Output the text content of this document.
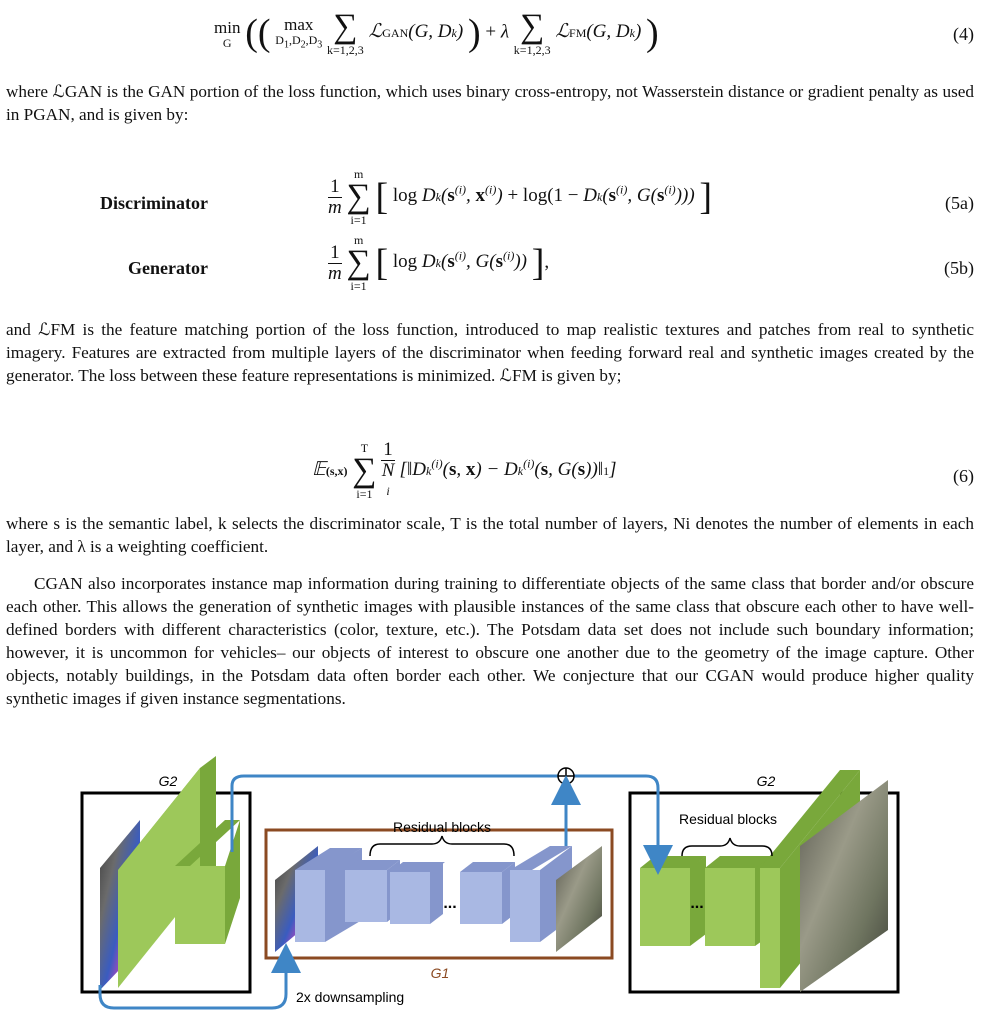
min
G (( max
$D_1,D_2,D_3$

∑
k=1,2,3
ℒGAN(G, Dk) ) + λ ∑
k=1,2,3
ℒFM(G, Dk) )	(4)

where ℒGAN is the GAN portion of the loss function, which uses binary cross-entropy, not Wasserstein distance or gradient penalty as used in PGAN, and is given by:

Discriminator	$\frac{1}{m}$

m
∑
i=1
[ $\log Dk(s^{(i)}$, $x^{(i)}) + \log(1 - Dk(s^{(i)}$, $G(s^{(i)})$)) ]	(5a)
Generator	$\frac{1}{m}$

m
∑
i=1
[ $\log Dk(s^{(i)}$, $G(s^{(i)})$) ],	(5b)

and ℒFM is the feature matching portion of the loss function, introduced to map realistic textures and patches from real to synthetic imagery. Features are extracted from multiple layers of the discriminator when feeding forward real and synthetic images created by the generator. The loss between these feature representations is minimized. ℒFM is given by;

𝔼(s,x)
T
∑
i=1
1
N
i [‖Dk$^{(i)}$(s, $x) - Dk^{(i)}(s$, G(s))‖1]	(6)

where s is the semantic label, k selects the discriminator scale, T is the total number of layers, Ni denotes the number of elements in each layer, and λ is a weighting coefficient.

CGAN also incorporates instance map information during training to differentiate objects of the same class that border and/or obscure each other. This allows the generation of synthetic images with plausible instances of the same class that obscure each other to have well-defined borders with different characteristics (color, texture, etc.). The Potsdam data set does not include such boundary information; however, it is uncommon for vehicles– our objects of interest to obscure one another due to the geometry of the image capture. Other objects, notably buildings, in the Potsdam data often border each other. We conjecture that our CGAN would produce higher quality synthetic images if given instance segmentations.

Residual blocks
...
G1
Residual blocks
...
G2	G2
2x downsampling
